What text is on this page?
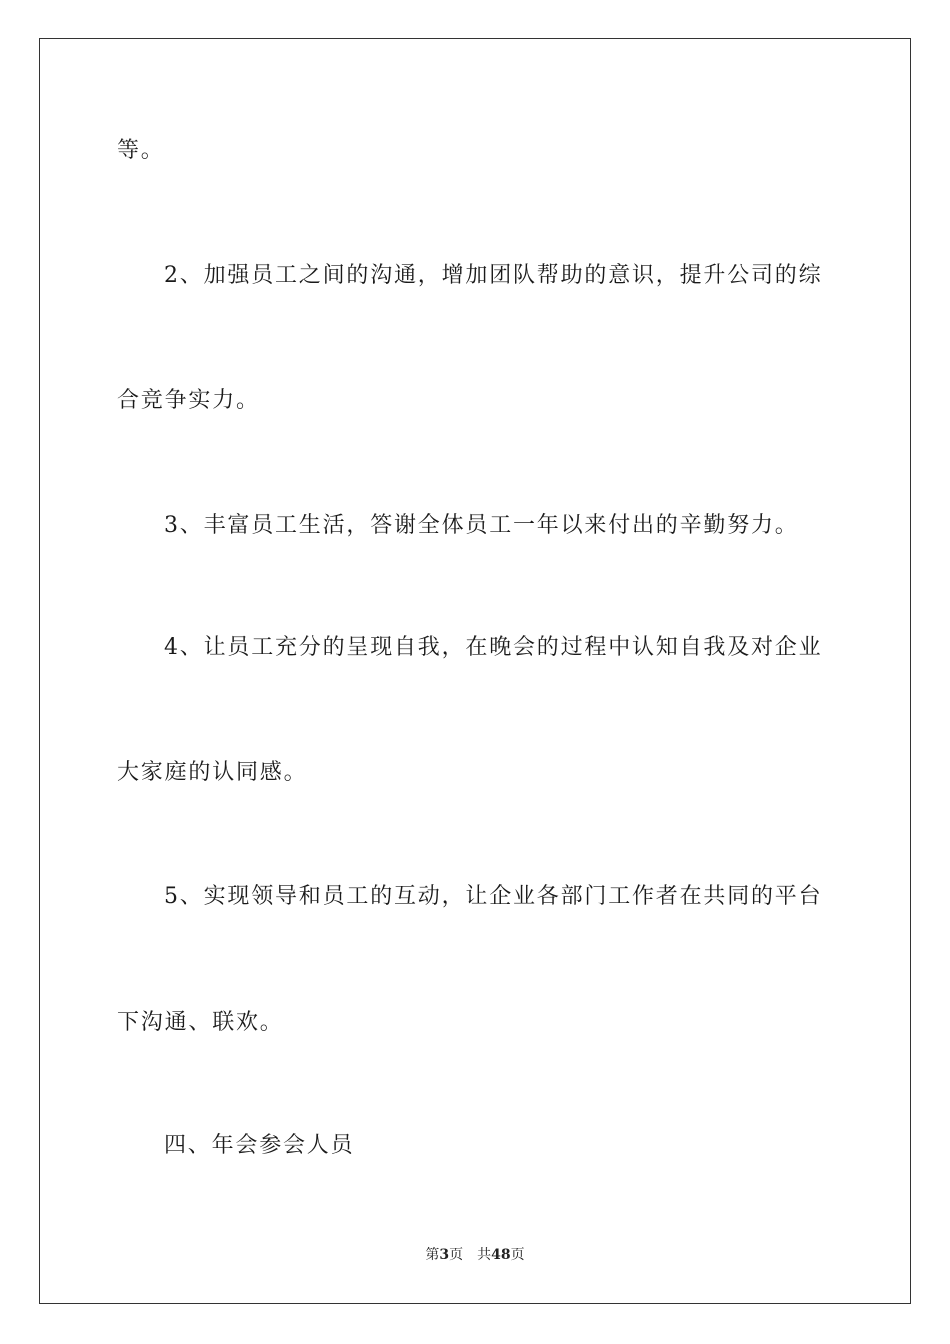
等。
2、加强员工之间的沟通，增加团队帮助的意识，提升公司的综
合竞争实力。
3、丰富员工生活，答谢全体员工一年以来付出的辛勤努力。
4、让员工充分的呈现自我，在晚会的过程中认知自我及对企业
大家庭的认同感。
5、实现领导和员工的互动，让企业各部门工作者在共同的平台
下沟通、联欢。
四、年会参会人员
第3页 共48页
